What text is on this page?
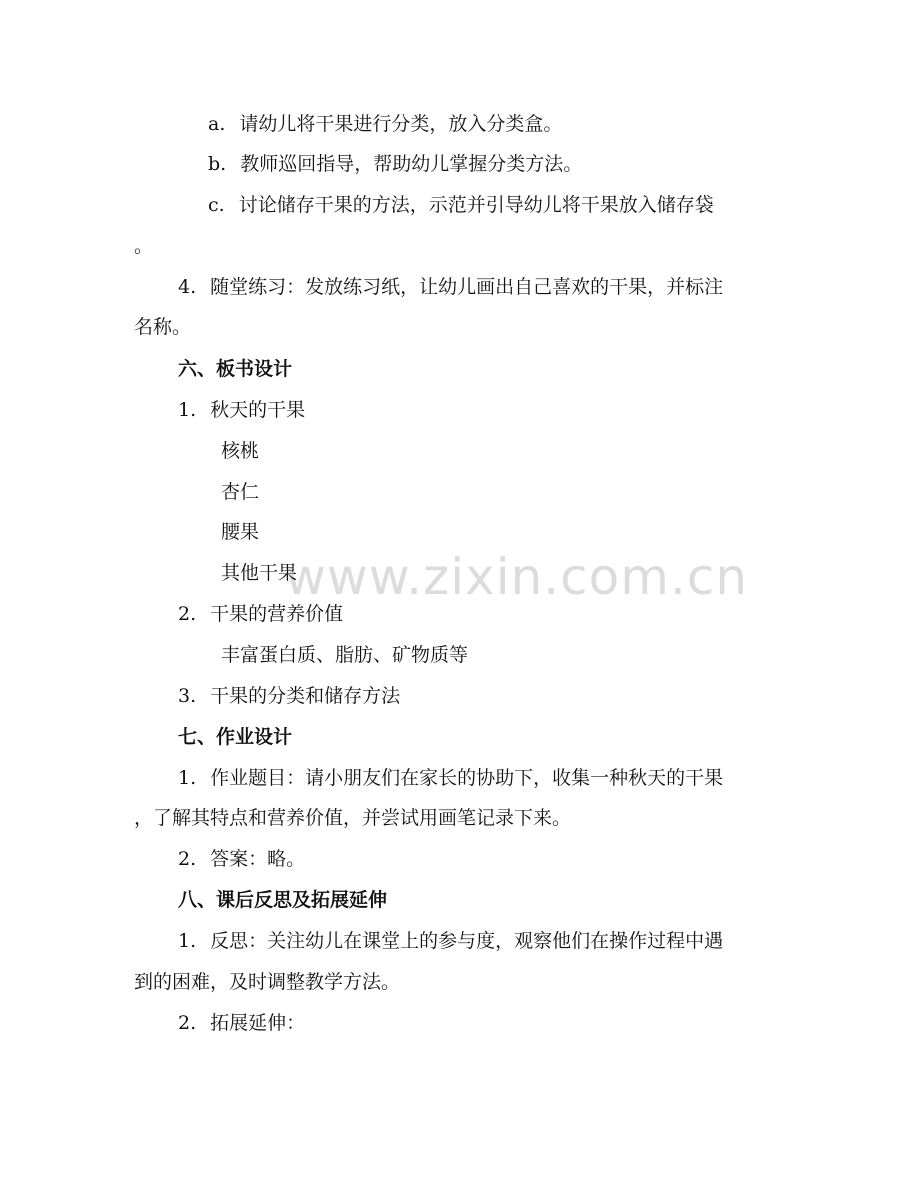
www.zixin.com.cn
a. 请幼儿将干果进行分类，放入分类盒。
b. 教师巡回指导，帮助幼儿掌握分类方法。
c. 讨论储存干果的方法，示范并引导幼儿将干果放入储存袋
。
4. 随堂练习：发放练习纸，让幼儿画出自己喜欢的干果，并标注
名称。
六、板书设计
1. 秋天的干果
核桃
杏仁
腰果
其他干果
2. 干果的营养价值
丰富蛋白质、脂肪、矿物质等
3. 干果的分类和储存方法
七、作业设计
1. 作业题目：请小朋友们在家长的协助下，收集一种秋天的干果
，了解其特点和营养价值，并尝试用画笔记录下来。
2. 答案：略。
八、课后反思及拓展延伸
1. 反思：关注幼儿在课堂上的参与度，观察他们在操作过程中遇
到的困难，及时调整教学方法。
2. 拓展延伸：
